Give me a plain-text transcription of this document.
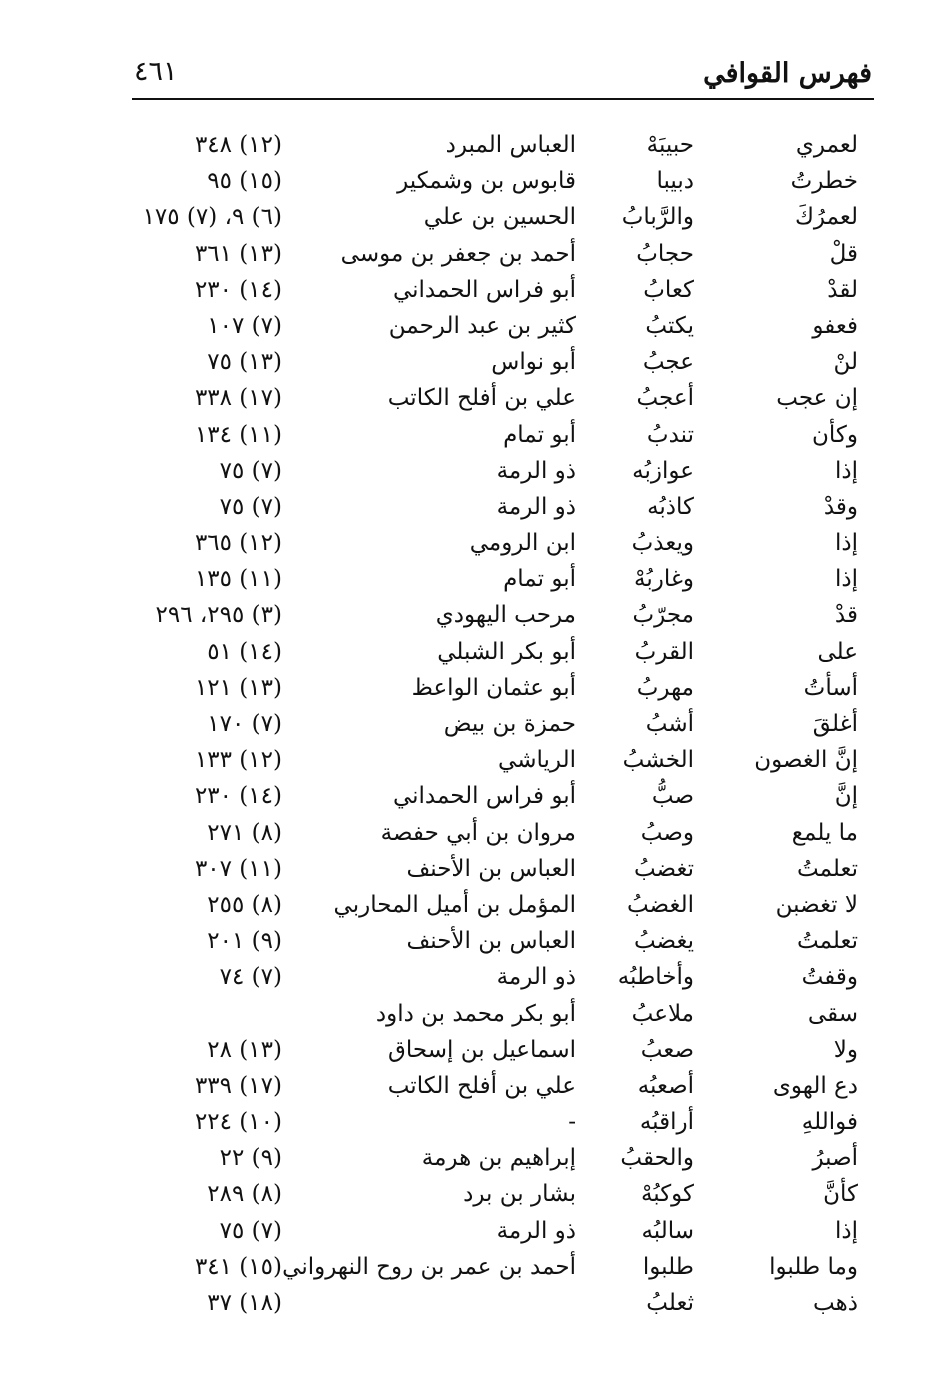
فهرس القوافي
٤٦١
لعمري
حبيبَهْ
العباس المبرد
(١٢) ٣٤٨
خطرتُ
دبيبا
قابوس بن وشمكير
(١٥) ٩٥
لعمرُكَ
والرَّبابُ
الحسين بن علي
(٦) ٩، (٧) ١٧٥
قلْ
حجابُ
أحمد بن جعفر بن موسى
(١٣) ٣٦١
لقدْ
كعابُ
أبو فراس الحمداني
(١٤) ٢٣٠
فعفو
يكتبُ
كثير بن عبد الرحمن
(٧) ١٠٧
لنْ
عجبُ
أبو نواس
(١٣) ٧٥
إن عجب
أعجبُ
علي بن أفلح الكاتب
(١٧) ٣٣٨
وكأن
تندبُ
أبو تمام
(١١) ١٣٤
إذا
عوازبُه
ذو الرمة
(٧) ٧٥
وقدْ
كاذبُه
ذو الرمة
(٧) ٧٥
إذا
ويعذبُ
ابن الرومي
(١٢) ٣٦٥
إذا
وغاربُهْ
أبو تمام
(١١) ١٣٥
قدْ
مجرّبُ
مرحب اليهودي
(٣) ٢٩٥، ٢٩٦
على
القربُ
أبو بكر الشبلي
(١٤) ٥١
أسأتُ
مهربُ
أبو عثمان الواعظ
(١٣) ١٢١
أغلقَ
أشبُ
حمزة بن بيض
(٧) ١٧٠
إنَّ الغصون
الخشبُ
الرياشي
(١٢) ١٣٣
إنَّ
صبُّ
أبو فراس الحمداني
(١٤) ٢٣٠
ما يلمع
وصبُ
مروان بن أبي حفصة
(٨) ٢٧١
تعلمتُ
تغضبُ
العباس بن الأحنف
(١١) ٣٠٧
لا تغضبن
الغضبُ
المؤمل بن أميل المحاربي
(٨) ٢٥٥
تعلمتُ
يغضبُ
العباس بن الأحنف
(٩) ٢٠١
وقفتُ
وأخاطبُه
ذو الرمة
(٧) ٧٤
سقى
ملاعبُ
أبو بكر محمد بن داود
ولا
صعبُ
اسماعيل بن إسحاق
(١٣) ٢٨
دع الهوى
أصعبُه
علي بن أفلح الكاتب
(١٧) ٣٣٩
فواللهِ
أراقبُه
-
(١٠) ٢٢٤
أصبرُ
والحقبُ
إبراهيم بن هرمة
(٩) ٢٢
كأنَّ
كوكبُهْ
بشار بن برد
(٨) ٢٨٩
إذا
سالبُه
ذو الرمة
(٧) ٧٥
وما طلبوا
طلبوا
أحمد بن عمر بن روح النهرواني
(١٥) ٣٤١
ذهب
ثعلبُ
(١٨) ٣٧
